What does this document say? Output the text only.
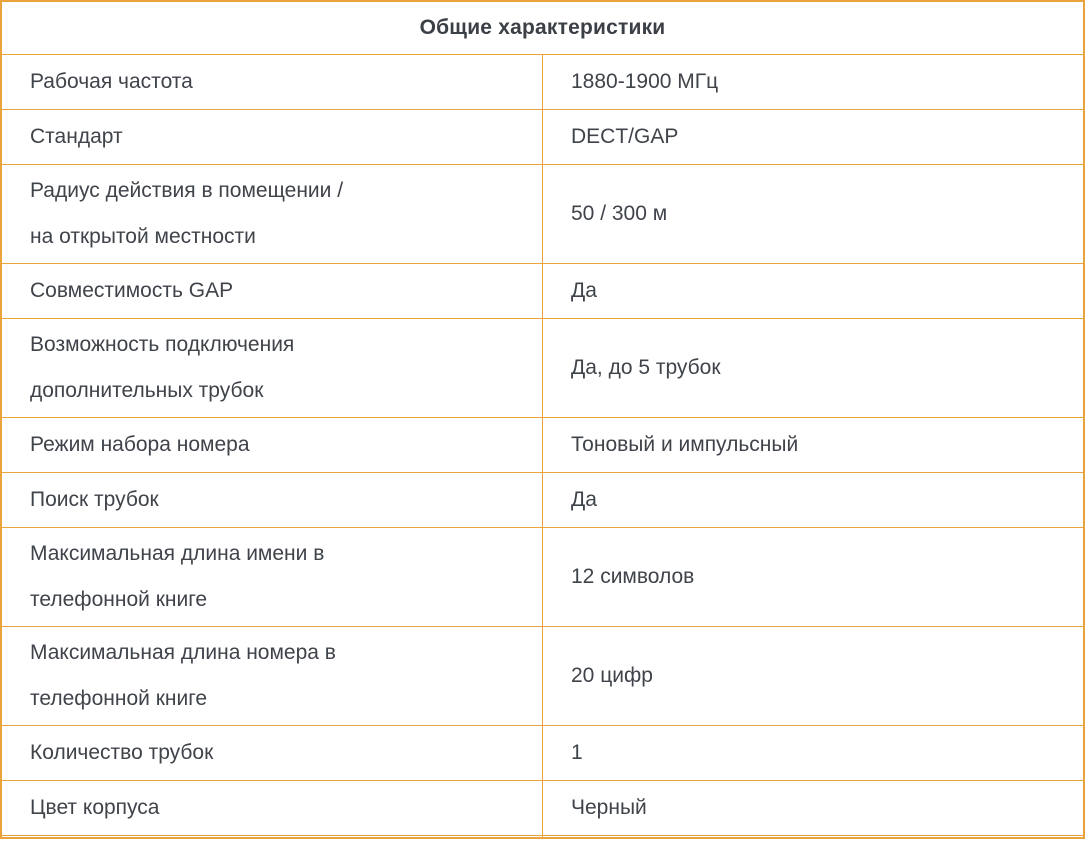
Общие характеристики	

Рабочая частота	1880-1900 МГц

Стандарт	DECT/GAP

Радиус действия в помещении / на открытой местности	50 / 300 м

Совместимость GAP	Да

Возможность подключения дополнительных трубок	Да, до 5 трубок

Режим набора номера	Тоновый и импульсный

Поиск трубок	Да

Максимальная длина имени в телефонной книге	12 символов

Максимальная длина номера в телефонной книге	20 цифр

Количество трубок	1

Цвет корпуса	Черный
